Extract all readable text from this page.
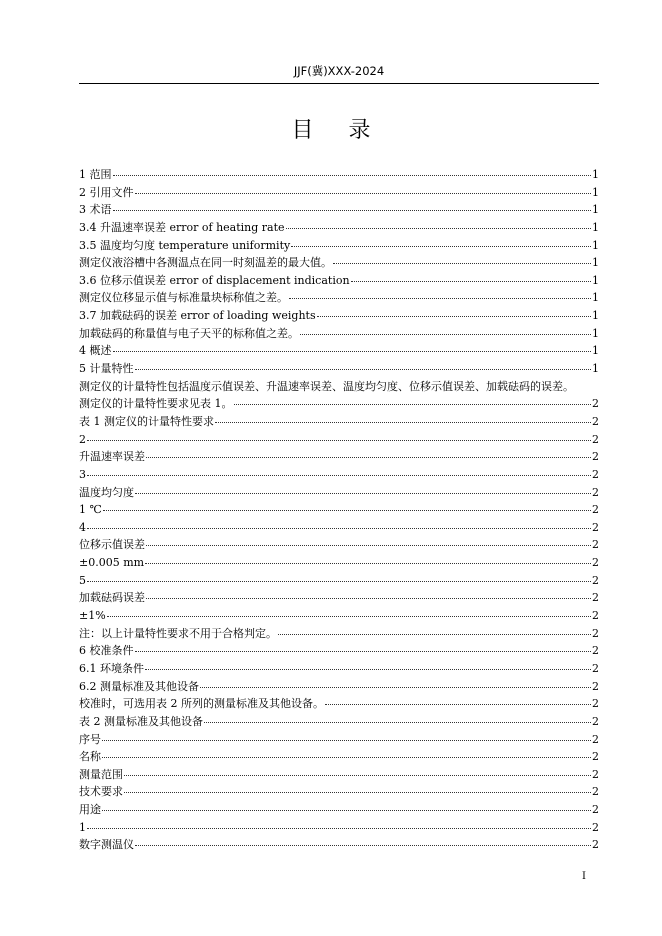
JJF(冀)XXX-2024
目 录
1 范围	1
2 引用文件	1
3 术语	1
3.4 升温速率误差 error of heating rate	1
3.5 温度均匀度 temperature uniformity	1
测定仪液浴槽中各测温点在同一时刻温差的最大值。	1
3.6 位移示值误差 error of displacement indication	1
测定仪位移显示值与标准量块标称值之差。	1
3.7 加载砝码的误差 error of loading weights	1
加载砝码的称量值与电子天平的标称值之差。	1
4 概述	1
5 计量特性	1
测定仪的计量特性包括温度示值误差、升温速率误差、温度均匀度、位移示值误差、加载砝码的误差。
测定仪的计量特性要求见表 1。	2
表 1 测定仪的计量特性要求	2
2	2
升温速率误差	2
3	2
温度均匀度	2
1 ℃	2
4	2
位移示值误差	2
±0.005 mm	2
5	2
加载砝码误差	2
±1%	2
注：以上计量特性要求不用于合格判定。	2
6 校准条件	2
6.1 环境条件	2
6.2 测量标准及其他设备	2
校准时，可选用表 2 所列的测量标准及其他设备。	2
表 2 测量标准及其他设备	2
序号	2
名称	2
测量范围	2
技术要求	2
用途	2
1	2
数字测温仪	2
I
